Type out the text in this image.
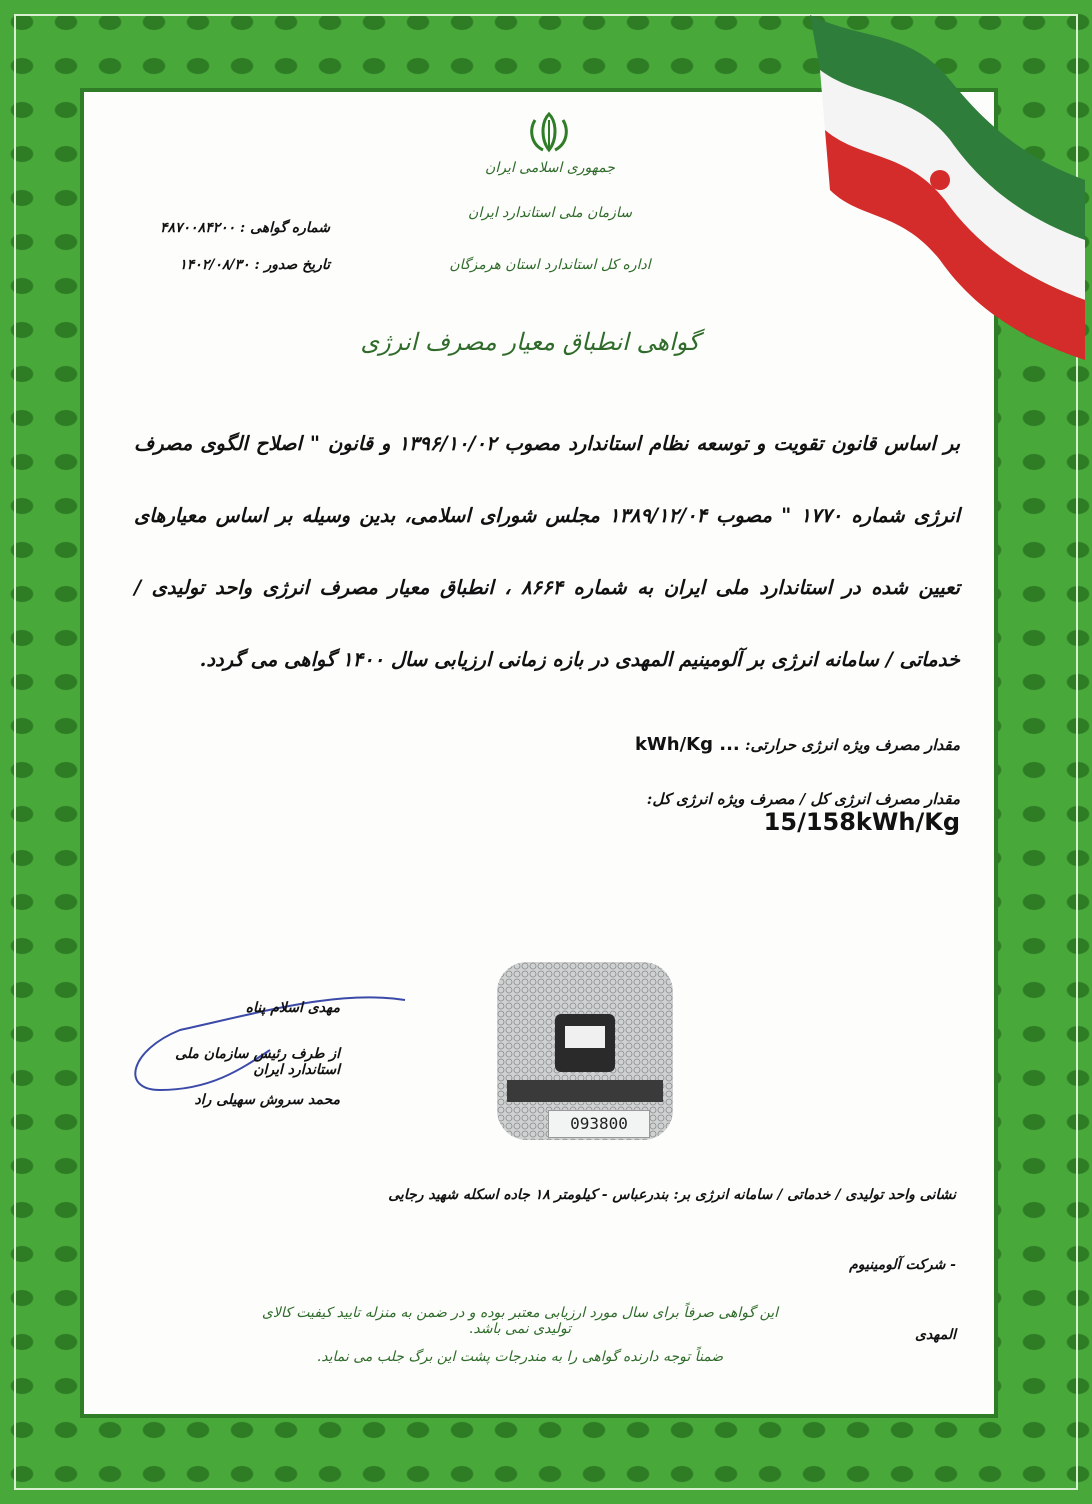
جمهوری اسلامی ایران
سازمان ملی استاندارد ایران
اداره کل استاندارد استان هرمزگان
شماره گواهی : ۴۸۷۰۰۸۴۲۰۰
تاریخ صدور : ۱۴۰۲/۰۸/۳۰
گواهی انطباق معیار مصرف انرژی
بر اساس قانون تقویت و توسعه نظام استاندارد مصوب ۱۳۹۶/۱۰/۰۲ و قانون " اصلاح الگوی مصرف انرژی شماره ۱۷۷۰ " مصوب ۱۳۸۹/۱۲/۰۴ مجلس شورای اسلامی، بدین وسیله بر اساس معیارهای تعیین شده در استاندارد ملی ایران به شماره ۸۶۶۴ ، انطباق معیار مصرف انرژی واحد تولیدی / خدماتی / سامانه انرژی بر آلومینیم المهدی در بازه زمانی ارزیابی سال ۱۴۰۰ گواهی می گردد.
مقدار مصرف ویژه انرژی حرارتی: kWh/Kg ...
مقدار مصرف انرژی کل / مصرف ویژه انرژی کل: 15/158kWh/Kg
093800
مهدی اسلام پناه
از طرف رئیس سازمان ملی استاندارد ایران
محمد سروش سهیلی راد
نشانی واحد تولیدی / خدماتی / سامانه انرژی بر: بندرعباس - کیلومتر ۱۸ جاده اسکله شهید رجایی - شرکت آلومینیوم
المهدی
این گواهی صرفاً برای سال مورد ارزیابی معتبر بوده و در ضمن به منزله تایید کیفیت کالای تولیدی نمی باشد.
ضمناً توجه دارنده گواهی را به مندرجات پشت این برگ جلب می نماید.
